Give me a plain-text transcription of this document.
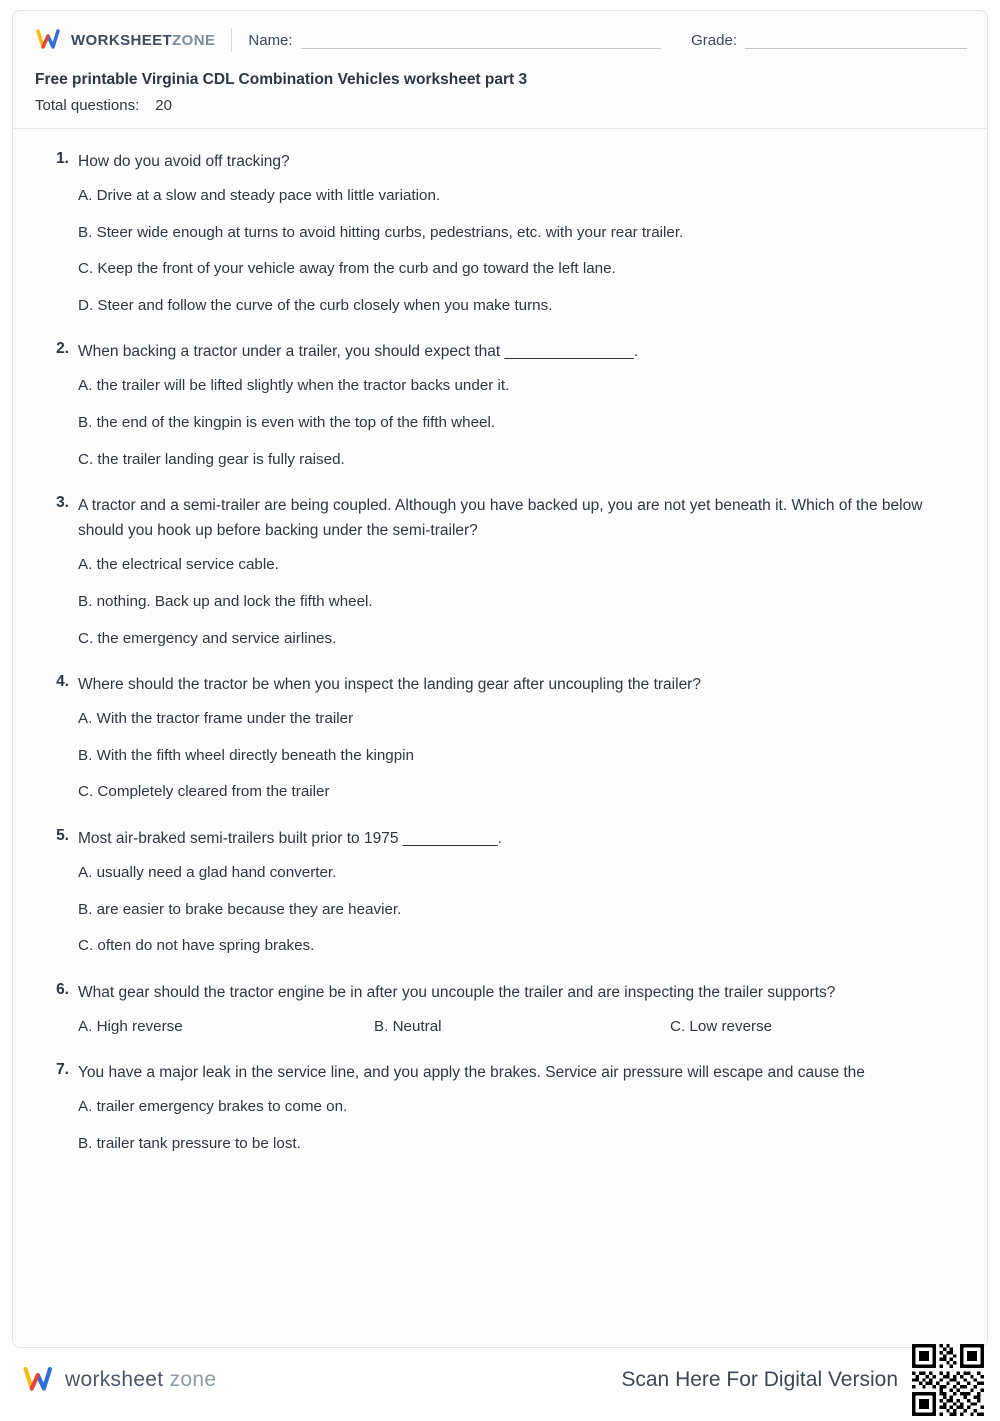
WORKSHEETZONE Name:	Grade:
Free printable Virginia CDL Combination Vehicles worksheet part 3
Total questions: 20
1. How do you avoid off tracking?
A. Drive at a slow and steady pace with little variation.
B. Steer wide enough at turns to avoid hitting curbs, pedestrians, etc. with your rear trailer.
C. Keep the front of your vehicle away from the curb and go toward the left lane.
D. Steer and follow the curve of the curb closely when you make turns.
2. When backing a tractor under a trailer, you should expect that _______________.
A. the trailer will be lifted slightly when the tractor backs under it.
B. the end of the kingpin is even with the top of the fifth wheel.
C. the trailer landing gear is fully raised.
3. A tractor and a semi-trailer are being coupled. Although you have backed up, you are not yet beneath it. Which of the below should you hook up before backing under the semi-trailer?
A. the electrical service cable.
B. nothing. Back up and lock the fifth wheel.
C. the emergency and service airlines.
4. Where should the tractor be when you inspect the landing gear after uncoupling the trailer?
A. With the tractor frame under the trailer
B. With the fifth wheel directly beneath the kingpin
C. Completely cleared from the trailer
5. Most air-braked semi-trailers built prior to 1975 ___________.
A. usually need a glad hand converter.
B. are easier to brake because they are heavier.
C. often do not have spring brakes.
6. What gear should the tractor engine be in after you uncouple the trailer and are inspecting the trailer supports?
A. High reverse	B. Neutral	C. Low reverse
7. You have a major leak in the service line, and you apply the brakes. Service air pressure will escape and cause the
A. trailer emergency brakes to come on.
B. trailer tank pressure to be lost.
worksheet zone	Scan Here For Digital Version
